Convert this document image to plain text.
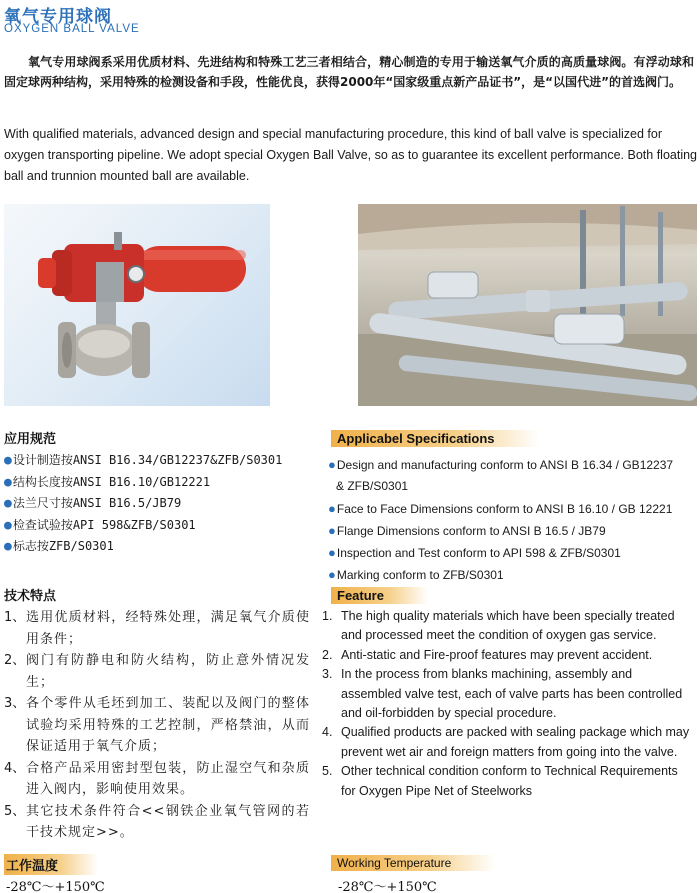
氧气专用球阀
OXYGEN BALL VALVE

氧气专用球阀系采用优质材料、先进结构和特殊工艺三者相结合，精心制造的专用于输送氧气介质的高质量球阀。有浮动球和固定球两种结构，采用特殊的检测设备和手段，性能优良，获得2000年“国家级重点新产品证书”，是“以国代进”的首选阀门。

With qualified materials, advanced design and special manufacturing procedure, this kind of ball valve is specialized for oxygen transporting pipeline. We adopt special Oxygen Ball Valve, so as to guarantee its excellent performance. Both floating ball and trunnion mounted ball are available.

应用规范
●设计制造按ANSI B16.34/GB12237&ZFB/S0301
●结构长度按ANSI B16.10/GB12221
●法兰尺寸按ANSI B16.5/JB79
●检查试验按API 598&ZFB/S0301
●标志按ZFB/S0301
Applicabel Specifications
●Design and manufacturing conform to ANSI B 16.34 / GB12237
& ZFB/S0301
●Face to Face Dimensions conform to ANSI B 16.10 / GB 12221
●Flange Dimensions conform to ANSI B 16.5 / JB79
●Inspection and Test conform to API 598 & ZFB/S0301
●Marking conform to ZFB/S0301
技术特点
1、 选用优质材料，经特殊处理，满足氧气介质使用条件；
2、 阀门有防静电和防火结构，防止意外情况发生；
3、 各个零件从毛坯到加工、装配以及阀门的整体试验均采用特殊的工艺控制，严格禁油，从而保证适用于氧气介质；
4、 合格产品采用密封型包装，防止湿空气和杂质进入阀内，影响使用效果。
5、 其它技术条件符合<<钢铁企业氧气管网的若干技术规定>>。
Feature
1. The high quality materials which have been specially treated and processed meet the condition of oxygen gas service.
2. Anti-static and Fire-proof features may prevent accident.
3. In the process from blanks machining, assembly and assembled valve test, each of valve parts has been controlled and oil-forbidden by special procedure.
4. Qualified products are packed with sealing package which may prevent wet air and foreign matters from going into the valve.
5. Other technical condition conform to Technical Requirements for Oxygen Pipe Net of Steelworks
工作温度	Working Temperature
-28℃～+150℃	-28℃～+150℃
